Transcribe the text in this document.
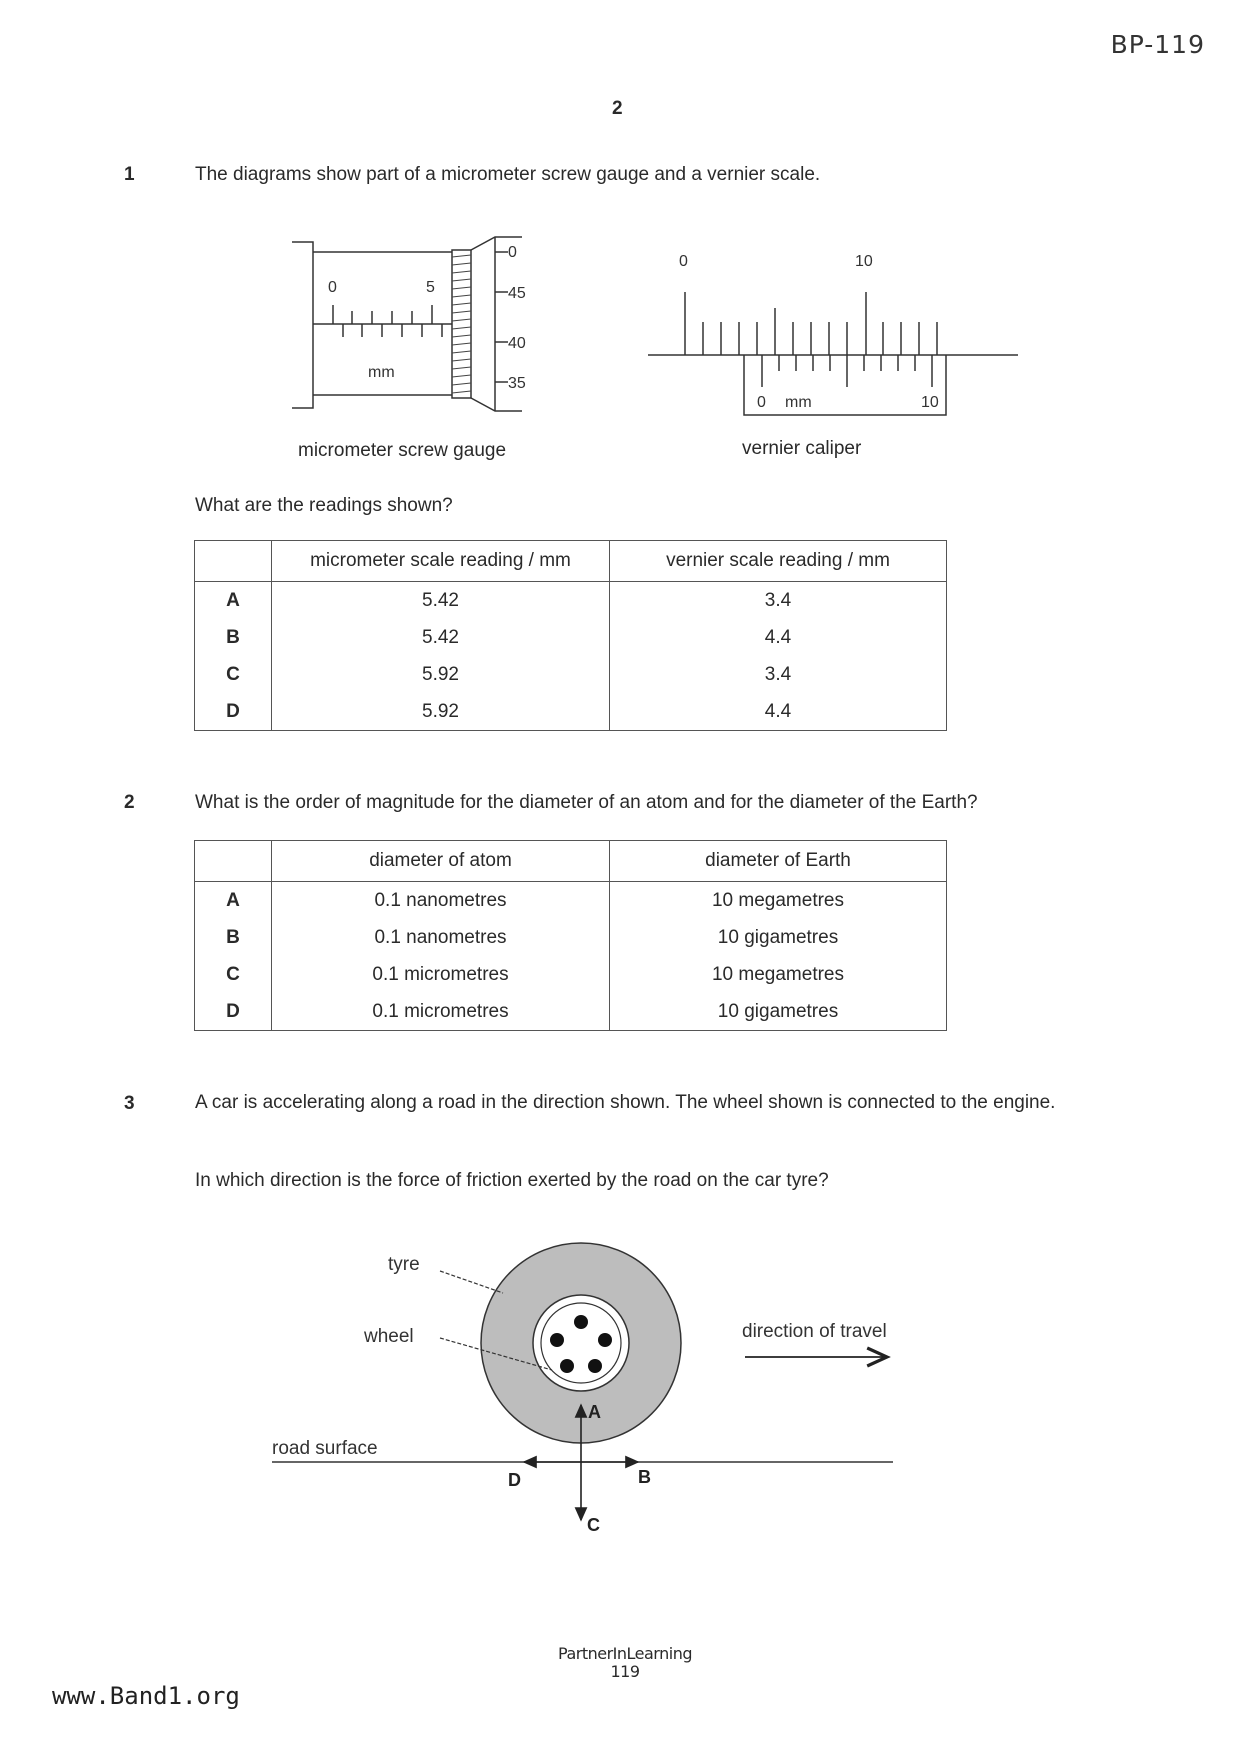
BP-119
2
1	The diagrams show part of a micrometer screw gauge and a vernier scale.
0	5
mm
0
45
40
35
0	10
0 mm	10
micrometer screw gauge	vernier caliper
What are the readings shown?
	micrometer scale reading / mm	vernier scale reading / mm
A	5.42	3.4
B	5.42	4.4
C	5.92	3.4
D	5.92	4.4
2	What is the order of magnitude for the diameter of an atom and for the diameter of the Earth?
	diameter of atom	diameter of Earth
A	0.1 nanometres	10 megametres
B	0.1 nanometres	10 gigametres
C	0.1 micrometres	10 megametres
D	0.1 micrometres	10 gigametres
3	A car is accelerating along a road in the direction shown. The wheel shown is connected to the engine.
In which direction is the force of friction exerted by the road on the car tyre?
tyre
wheel	direction of travel
road surface
A
B
C
D
PartnerInLearning
119
www.Band1.org
